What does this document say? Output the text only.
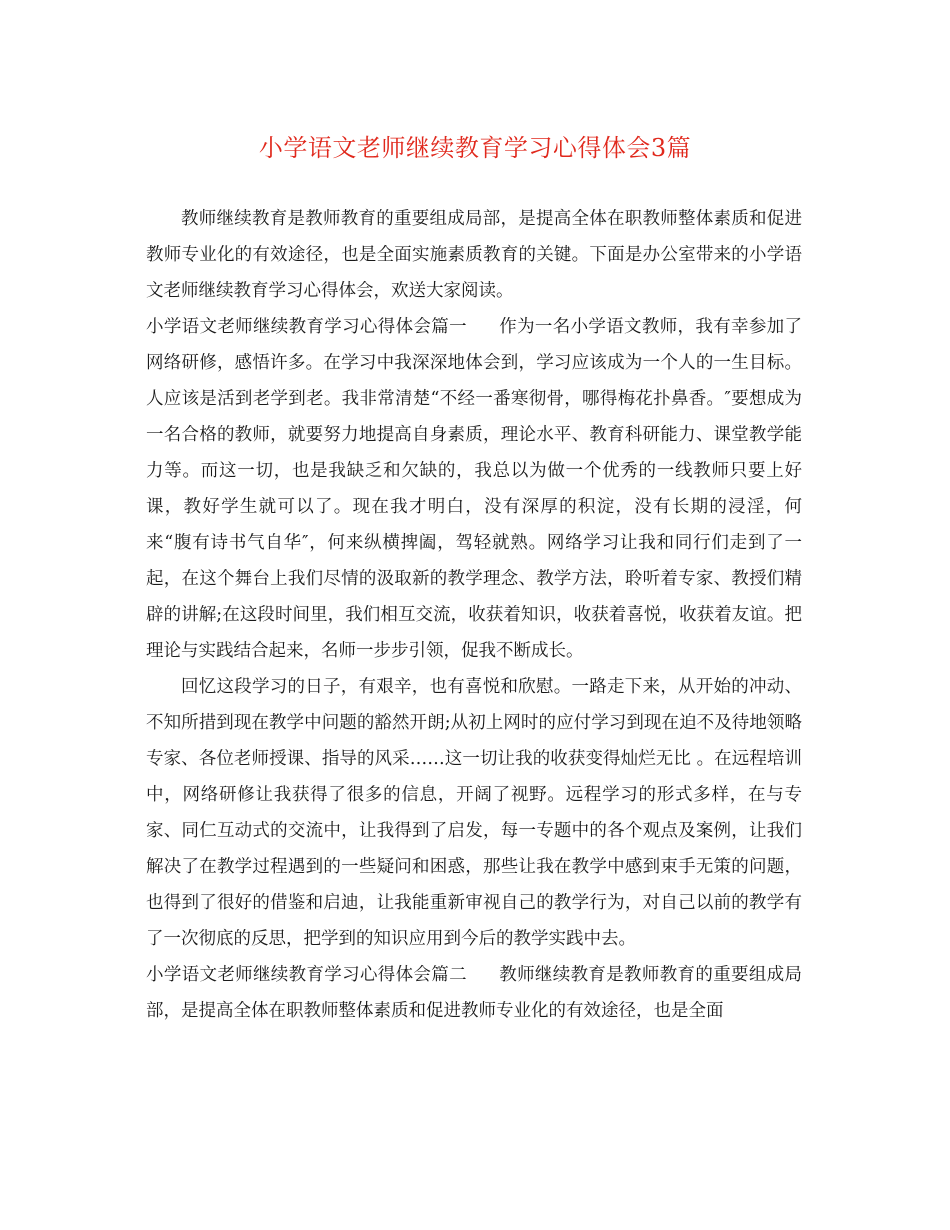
小学语文老师继续教育学习心得体会3篇

教师继续教育是教师教育的重要组成局部，是提高全体在职教师整体素质和促进教师专业化的有效途径，也是全面实施素质教育的关键。下面是办公室带来的小学语文老师继续教育学习心得体会，欢送大家阅读。

小学语文老师继续教育学习心得体会篇一 作为一名小学语文教师，我有幸参加了网络研修，感悟许多。在学习中我深深地体会到，学习应该成为一个人的一生目标。人应该是活到老学到老。我非常清楚“不经一番寒彻骨，哪得梅花扑鼻香。″要想成为一名合格的教师，就要努力地提高自身素质，理论水平、教育科研能力、课堂教学能力等。而这一切，也是我缺乏和欠缺的，我总以为做一个优秀的一线教师只要上好课，教好学生就可以了。现在我才明白，没有深厚的积淀，没有长期的浸淫，何来“腹有诗书气自华″，何来纵横捭阖，驾轻就熟。网络学习让我和同行们走到了一起，在这个舞台上我们尽情的汲取新的教学理念、教学方法，聆听着专家、教授们精辟的讲解;在这段时间里，我们相互交流，收获着知识，收获着喜悦，收获着友谊。把理论与实践结合起来，名师一步步引领，促我不断成长。

回忆这段学习的日子，有艰辛，也有喜悦和欣慰。一路走下来，从开始的冲动、不知所措到现在教学中问题的豁然开朗;从初上网时的应付学习到现在迫不及待地领略专家、各位老师授课、指导的风采……这一切让我的收获变得灿烂无比 。在远程培训中，网络研修让我获得了很多的信息，开阔了视野。远程学习的形式多样，在与专家、同仁互动式的交流中，让我得到了启发，每一专题中的各个观点及案例，让我们解决了在教学过程遇到的一些疑问和困惑，那些让我在教学中感到束手无策的问题，也得到了很好的借鉴和启迪，让我能重新审视自己的教学行为，对自己以前的教学有了一次彻底的反思，把学到的知识应用到今后的教学实践中去。

小学语文老师继续教育学习心得体会篇二 教师继续教育是教师教育的重要组成局部，是提高全体在职教师整体素质和促进教师专业化的有效途径，也是全面
